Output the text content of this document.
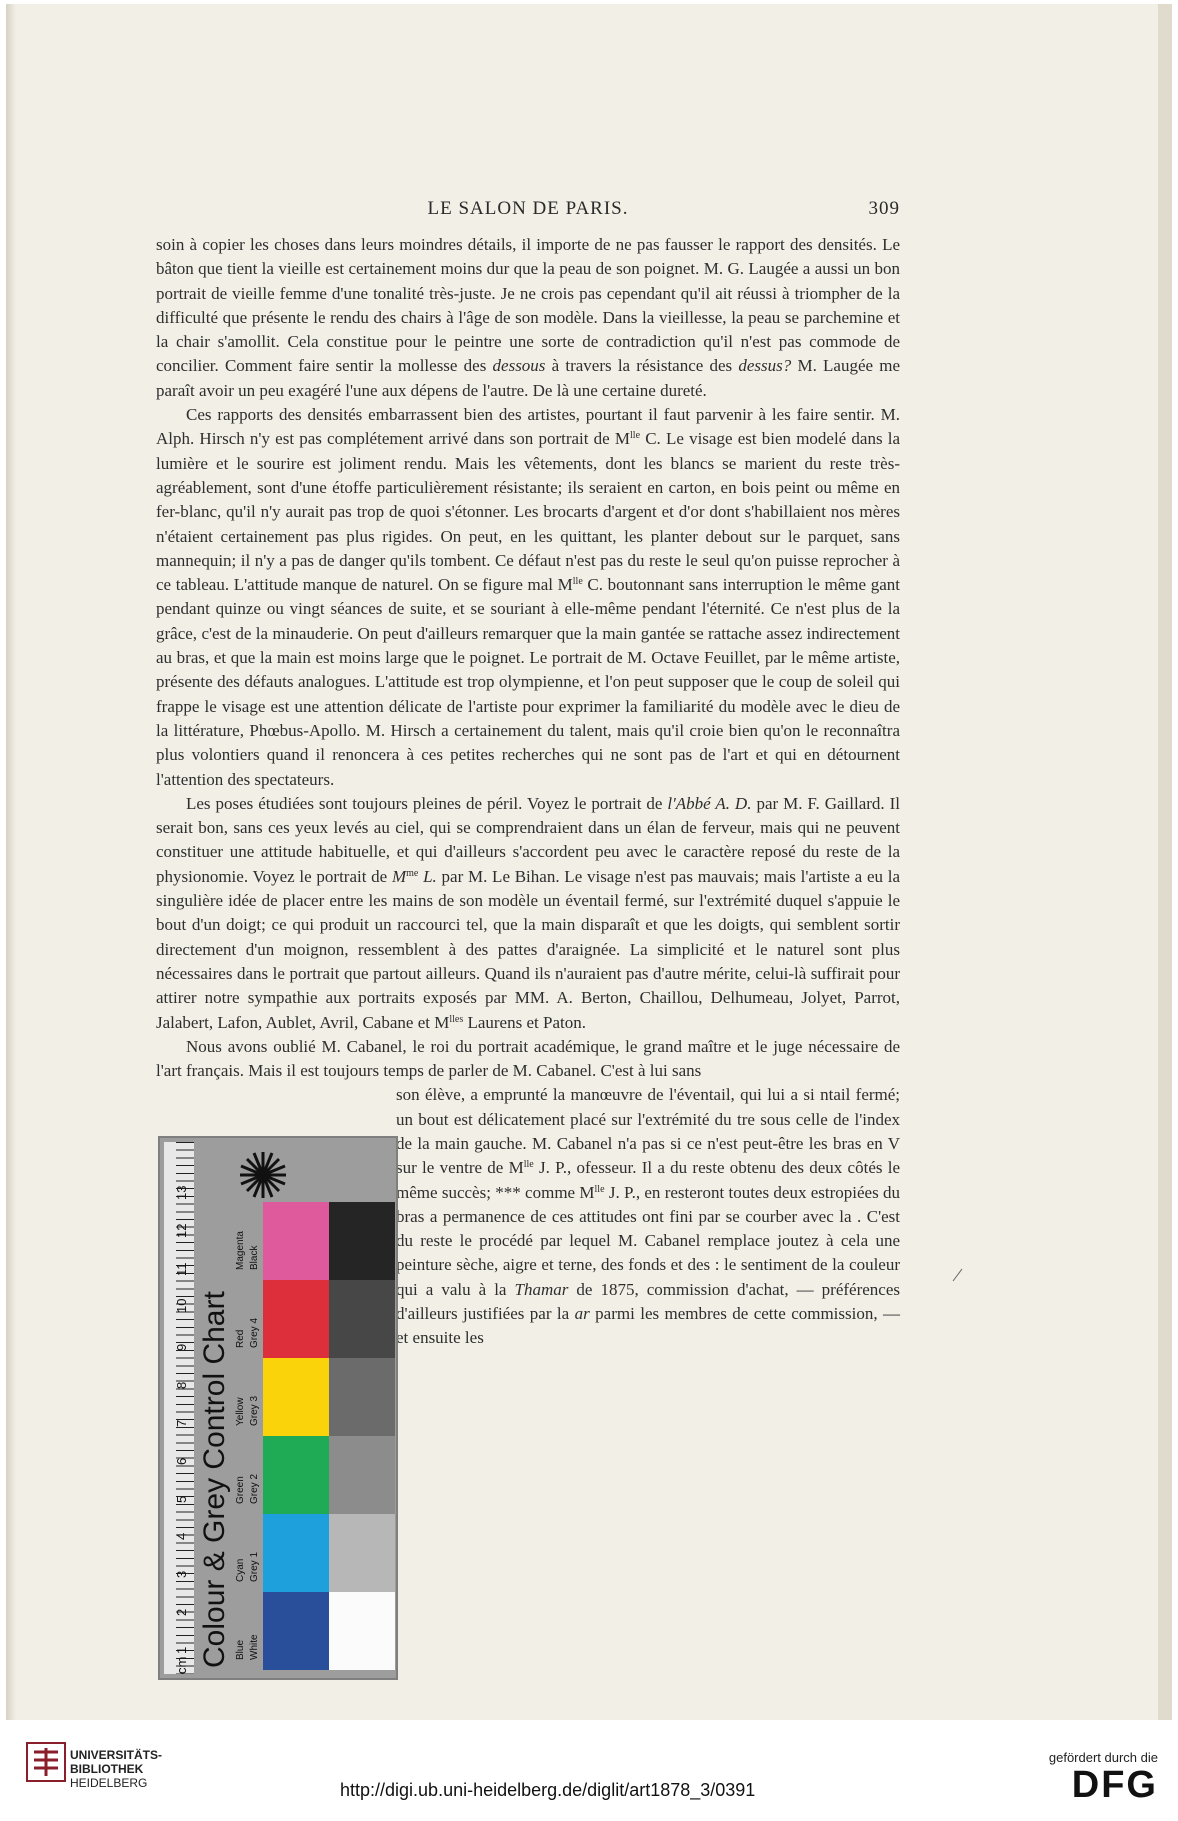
LE SALON DE PARIS.	309

soin à copier les choses dans leurs moindres détails, il importe de ne pas fausser le rapport des densités. Le bâton que tient la vieille est certainement moins dur que la peau de son poignet. M. G. Laugée a aussi un bon portrait de vieille femme d'une tonalité très-juste. Je ne crois pas cependant qu'il ait réussi à triompher de la difficulté que présente le rendu des chairs à l'âge de son modèle. Dans la vieillesse, la peau se parchemine et la chair s'amollit. Cela constitue pour le peintre une sorte de contradiction qu'il n'est pas commode de concilier. Comment faire sentir la mollesse des dessous à travers la résistance des dessus? M. Laugée me paraît avoir un peu exagéré l'une aux dépens de l'autre. De là une certaine dureté.

Ces rapports des densités embarrassent bien des artistes, pourtant il faut parvenir à les faire sentir. M. Alph. Hirsch n'y est pas complétement arrivé dans son portrait de $M^{lle}$ C. Le visage est bien modelé dans la lumière et le sourire est joliment rendu. Mais les vêtements, dont les blancs se marient du reste très-agréablement, sont d'une étoffe particulièrement résistante; ils seraient en carton, en bois peint ou même en fer-blanc, qu'il n'y aurait pas trop de quoi s'étonner. Les brocarts d'argent et d'or dont s'habillaient nos mères n'étaient certainement pas plus rigides. On peut, en les quittant, les planter debout sur le parquet, sans mannequin; il n'y a pas de danger qu'ils tombent. Ce défaut n'est pas du reste le seul qu'on puisse reprocher à ce tableau. L'attitude manque de naturel. On se figure mal $M^{lle}$ C. boutonnant sans interruption le même gant pendant quinze ou vingt séances de suite, et se souriant à elle-même pendant l'éternité. Ce n'est plus de la grâce, c'est de la minauderie. On peut d'ailleurs remarquer que la main gantée se rattache assez indirectement au bras, et que la main est moins large que le poignet. Le portrait de M. Octave Feuillet, par le même artiste, présente des défauts analogues. L'attitude est trop olympienne, et l'on peut supposer que le coup de soleil qui frappe le visage est une attention délicate de l'artiste pour exprimer la familiarité du modèle avec le dieu de la littérature, Phœbus-Apollo. M. Hirsch a certainement du talent, mais qu'il croie bien qu'on le reconnaîtra plus volontiers quand il renoncera à ces petites recherches qui ne sont pas de l'art et qui en détournent l'attention des spectateurs.

Les poses étudiées sont toujours pleines de péril. Voyez le portrait de l'Abbé A. D. par M. F. Gaillard. Il serait bon, sans ces yeux levés au ciel, qui se comprendraient dans un élan de ferveur, mais qui ne peuvent constituer une attitude habituelle, et qui d'ailleurs s'accordent peu avec le caractère reposé du reste de la physionomie. Voyez le portrait de $M^{me}$ L. par M. Le Bihan. Le visage n'est pas mauvais; mais l'artiste a eu la singulière idée de placer entre les mains de son modèle un éventail fermé, sur l'extrémité duquel s'appuie le bout d'un doigt; ce qui produit un raccourci tel, que la main disparaît et que les doigts, qui semblent sortir directement d'un moignon, ressemblent à des pattes d'araignée. La simplicité et le naturel sont plus nécessaires dans le portrait que partout ailleurs. Quand ils n'auraient pas d'autre mérite, celui-là suffirait pour attirer notre sympathie aux portraits exposés par MM. A. Berton, Chaillou, Delhumeau, Jolyet, Parrot, Jalabert, Lafon, Aublet, Avril, Cabane et $M^{lles}$ Laurens et Paton.

Nous avons oublié M. Cabanel, le roi du portrait académique, le grand maître et le juge nécessaire de l'art français. Mais il est toujours temps de parler de M. Cabanel. C'est à lui sans

son élève, a emprunté la manœuvre de l'éventail, qui lui a si ntail fermé; un bout est délicatement placé sur l'extrémité du tre sous celle de l'index de la main gauche. M. Cabanel n'a pas si ce n'est peut-être les bras en V sur le ventre de $M^{lle}$ J. P., ofesseur. Il a du reste obtenu des deux côtés le même succès; *** comme $M^{lle}$ J. P., en resteront toutes deux estropiées du bras a permanence de ces attitudes ont fini par se courber avec la . C'est du reste le procédé par lequel M. Cabanel remplace joutez à cela une peinture sèche, aigre et terne, des fonds et des : le sentiment de la couleur qui a valu à la Thamar de 1875, commission d'achat, — préférences d'ailleurs justifiées par la ar parmi les membres de cette commission, — et ensuite les

1
2
3
4
5
6
7
8
9
10
11
12
13
cm Colour & Grey Control Chart Blue White
Cyan Grey 1
Green Grey 2
Yellow Grey 3
Red Grey 4
Magenta Black
UNIVERSITÄTS-
BIBLIOTHEK
HEIDELBERG	http://digi.ub.uni-heidelberg.de/diglit/art1878_3/0391
gefördert durch die
DFG
